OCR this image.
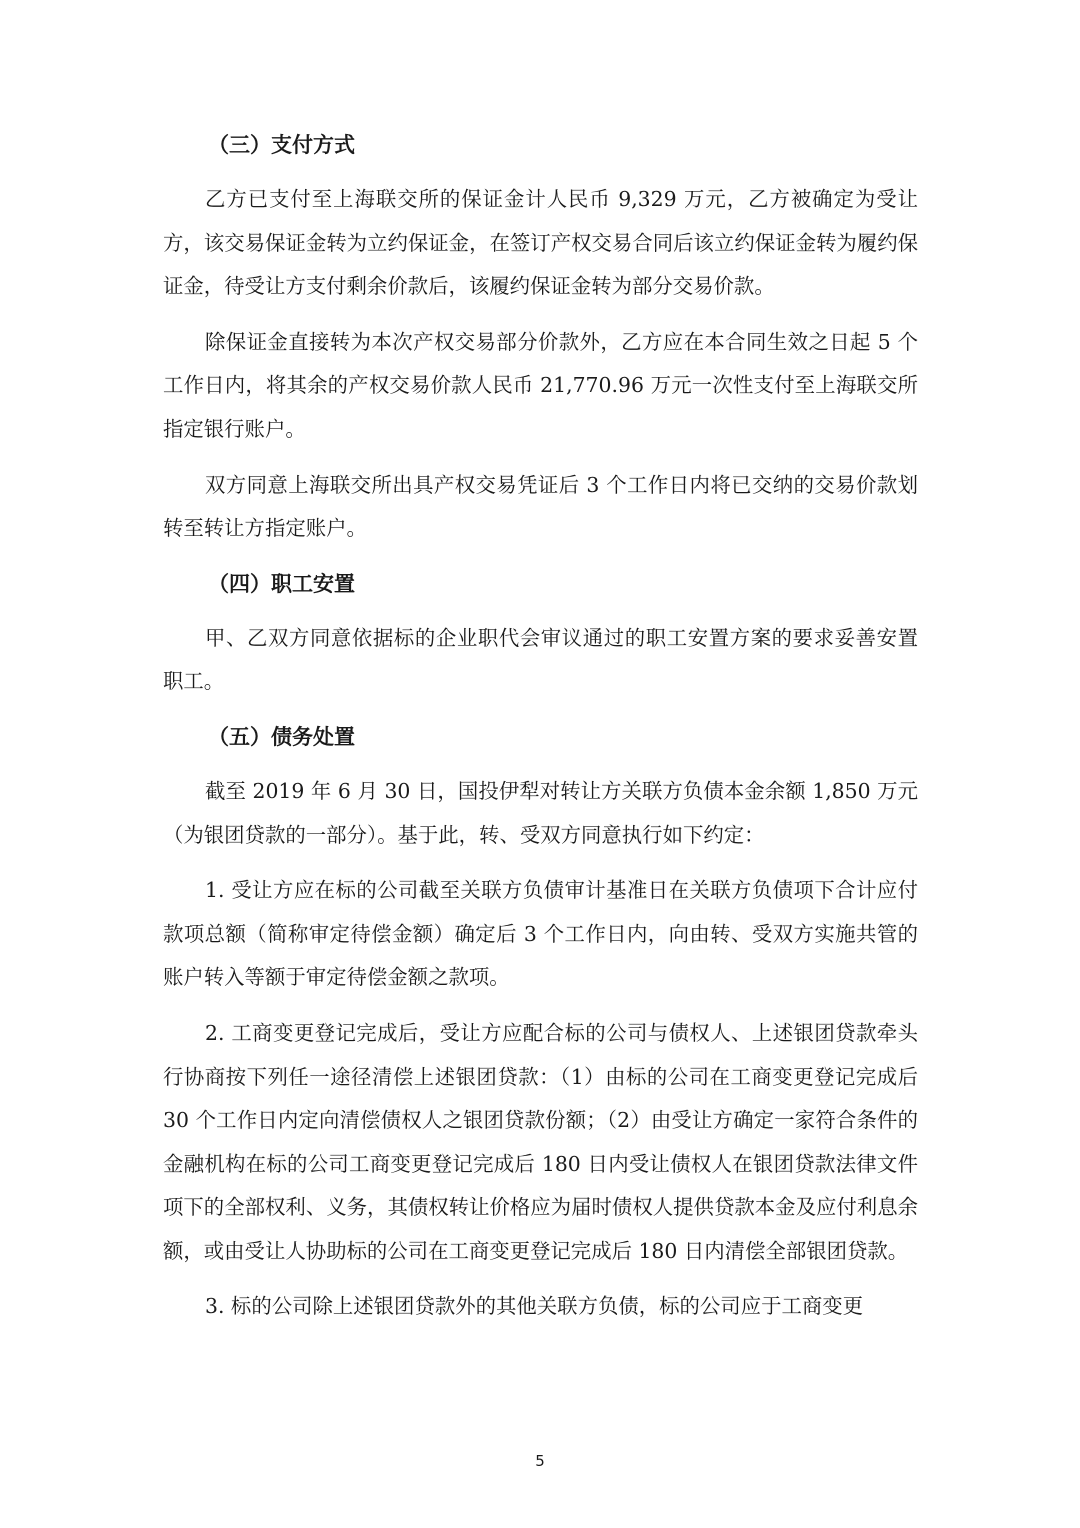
（三）支付方式

乙方已支付至上海联交所的保证金计人民币 9,329 万元，乙方被确定为受让方，该交易保证金转为立约保证金，在签订产权交易合同后该立约保证金转为履约保证金，待受让方支付剩余价款后，该履约保证金转为部分交易价款。

除保证金直接转为本次产权交易部分价款外，乙方应在本合同生效之日起 5 个工作日内，将其余的产权交易价款人民币 21,770.96 万元一次性支付至上海联交所指定银行账户。

双方同意上海联交所出具产权交易凭证后 3 个工作日内将已交纳的交易价款划转至转让方指定账户。

（四）职工安置

甲、乙双方同意依据标的企业职代会审议通过的职工安置方案的要求妥善安置职工。

（五）债务处置

截至 2019 年 6 月 30 日，国投伊犁对转让方关联方负债本金余额 1,850 万元（为银团贷款的一部分）。基于此，转、受双方同意执行如下约定：

1. 受让方应在标的公司截至关联方负债审计基准日在关联方负债项下合计应付款项总额（简称审定待偿金额）确定后 3 个工作日内，向由转、受双方实施共管的账户转入等额于审定待偿金额之款项。

2. 工商变更登记完成后，受让方应配合标的公司与债权人、上述银团贷款牵头行协商按下列任一途径清偿上述银团贷款：（1）由标的公司在工商变更登记完成后 30 个工作日内定向清偿债权人之银团贷款份额；（2）由受让方确定一家符合条件的金融机构在标的公司工商变更登记完成后 180 日内受让债权人在银团贷款法律文件项下的全部权利、义务，其债权转让价格应为届时债权人提供贷款本金及应付利息余额，或由受让人协助标的公司在工商变更登记完成后 180 日内清偿全部银团贷款。

3. 标的公司除上述银团贷款外的其他关联方负债，标的公司应于工商变更

5
